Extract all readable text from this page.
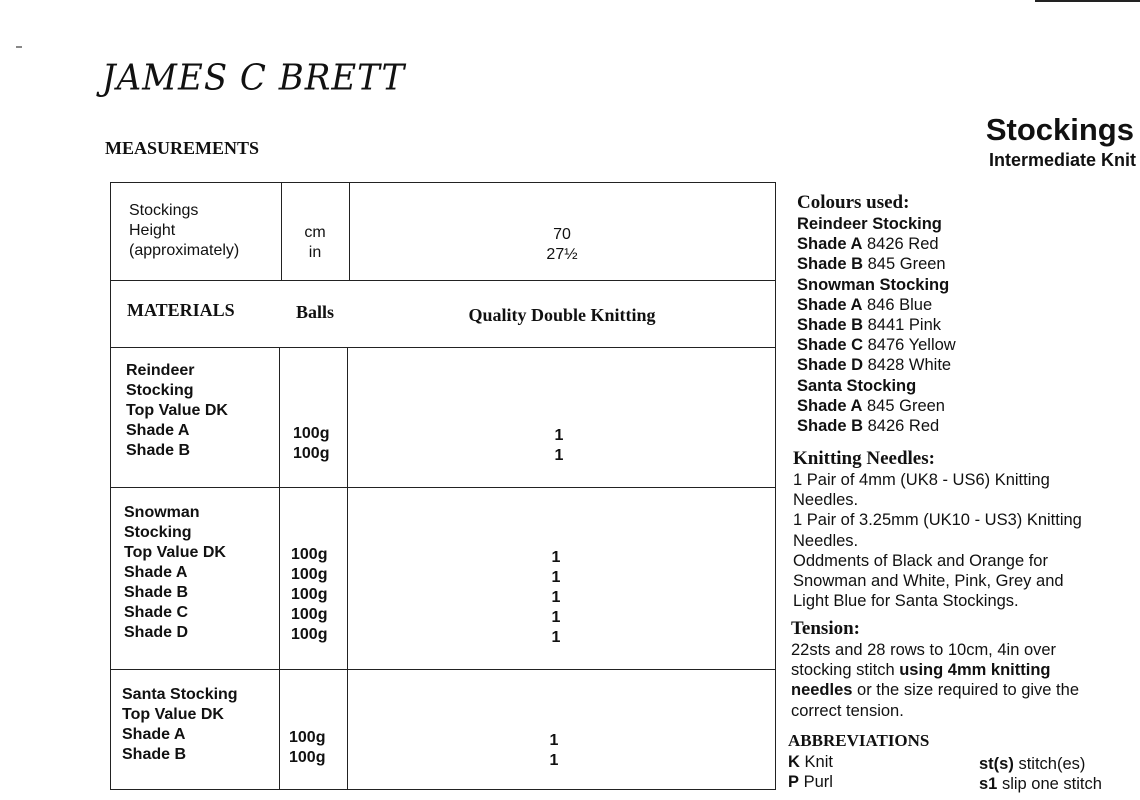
JAMES C BRETT
MEASUREMENTS
Stockings
Intermediate Knit
Stockings
Height
(approximately)
cm
in
70
27½
MATERIALS	Balls	Quality Double Knitting
Reindeer
Stocking
Top Value DK
Shade A
Shade B
100g
100g
1
1
Snowman
Stocking
Top Value DK
Shade A
Shade B
Shade C
Shade D
100g
100g
100g
100g
100g
1
1
1
1
1
Santa Stocking
Top Value DK
Shade A
Shade B
100g
100g
1
1
Colours used:
Reindeer Stocking
Shade A 8426 Red
Shade B 845 Green
Snowman Stocking
Shade A 846 Blue
Shade B 8441 Pink
Shade C 8476 Yellow
Shade D 8428 White
Santa Stocking
Shade A 845 Green
Shade B 8426 Red
Knitting Needles:
1 Pair of 4mm (UK8 - US6) Knitting
Needles.
1 Pair of 3.25mm (UK10 - US3) Knitting
Needles.
Oddments of Black and Orange for
Snowman and White, Pink, Grey and
Light Blue for Santa Stockings.
Tension:
22sts and 28 rows to 10cm, 4in over
stocking stitch using 4mm knitting
needles or the size required to give the
correct tension.
ABBREVIATIONS
K Knit
P Purl
st(s) stitch(es)
s1 slip one stitch
